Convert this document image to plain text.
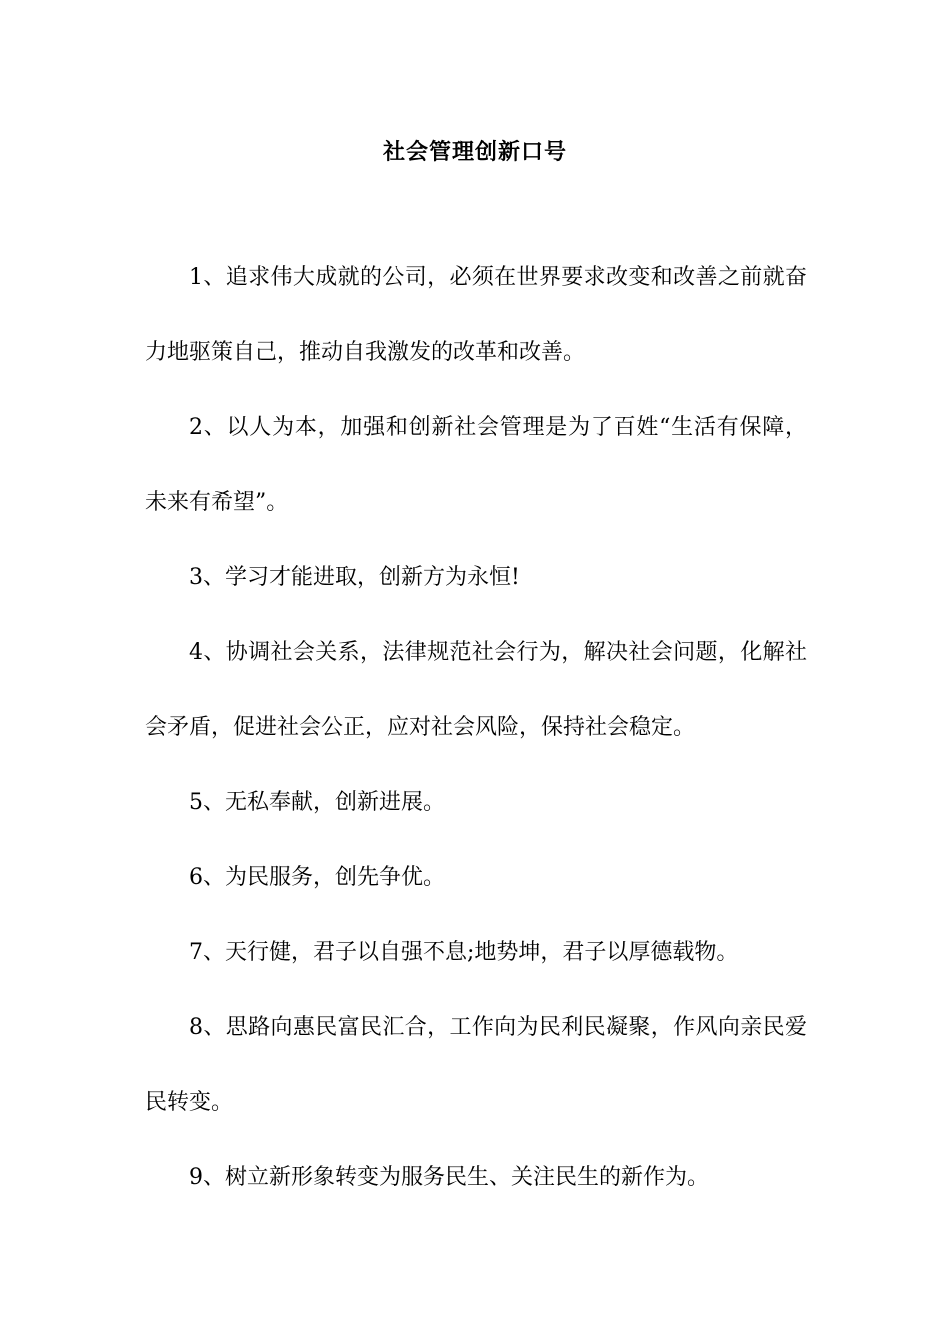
社会管理创新口号

1、追求伟大成就的公司，必须在世界要求改变和改善之前就奋力地驱策自己，推动自我激发的改革和改善。

2、以人为本，加强和创新社会管理是为了百姓“生活有保障，未来有希望”。

3、学习才能进取，创新方为永恒!

4、协调社会关系，法律规范社会行为，解决社会问题，化解社会矛盾，促进社会公正，应对社会风险，保持社会稳定。

5、无私奉献，创新进展。

6、为民服务，创先争优。

7、天行健，君子以自强不息;地势坤，君子以厚德载物。

8、思路向惠民富民汇合，工作向为民利民凝聚，作风向亲民爱民转变。

9、树立新形象转变为服务民生、关注民生的新作为。
